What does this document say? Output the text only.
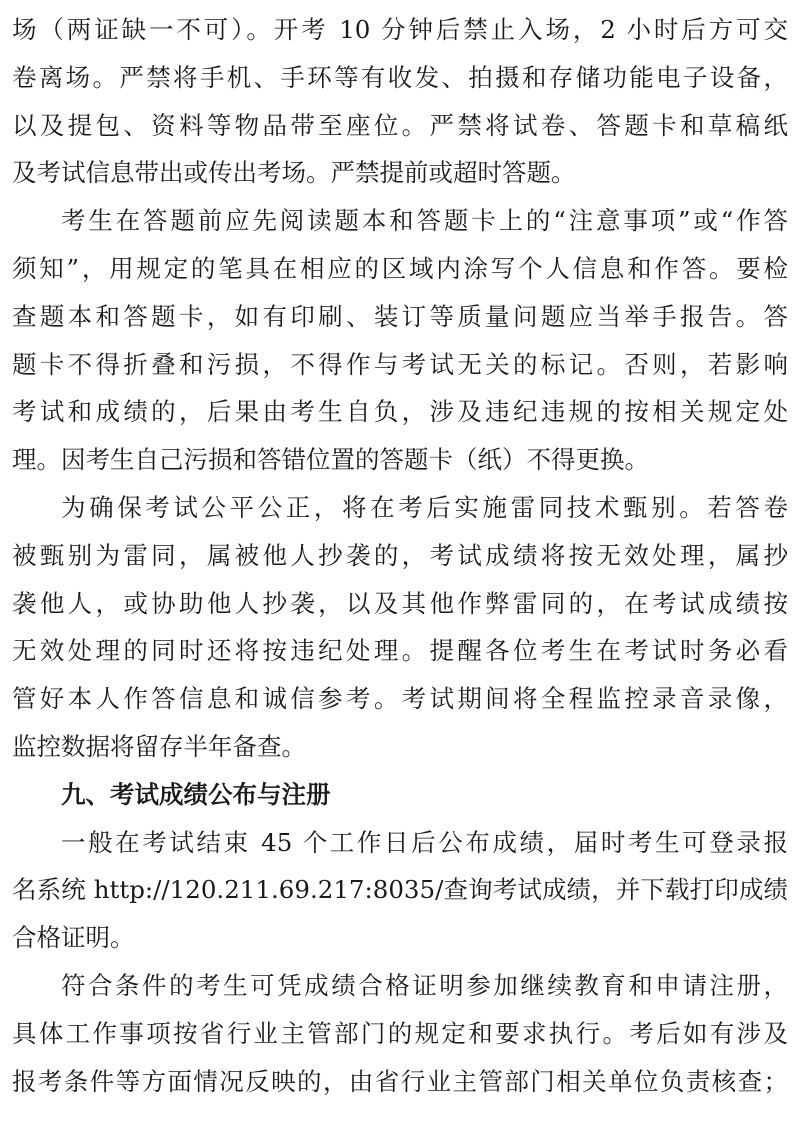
场（两证缺一不可）。开考 10 分钟后禁止入场，2 小时后方可交
卷离场。严禁将手机、手环等有收发、拍摄和存储功能电子设备，
以及提包、资料等物品带至座位。严禁将试卷、答题卡和草稿纸
及考试信息带出或传出考场。严禁提前或超时答题。
考生在答题前应先阅读题本和答题卡上的“注意事项”或“作答
须知”，用规定的笔具在相应的区域内涂写个人信息和作答。要检
查题本和答题卡，如有印刷、装订等质量问题应当举手报告。答
题卡不得折叠和污损，不得作与考试无关的标记。否则，若影响
考试和成绩的，后果由考生自负，涉及违纪违规的按相关规定处
理。因考生自己污损和答错位置的答题卡（纸）不得更换。
为确保考试公平公正，将在考后实施雷同技术甄别。若答卷
被甄别为雷同，属被他人抄袭的，考试成绩将按无效处理，属抄
袭他人，或协助他人抄袭，以及其他作弊雷同的，在考试成绩按
无效处理的同时还将按违纪处理。提醒各位考生在考试时务必看
管好本人作答信息和诚信参考。考试期间将全程监控录音录像，
监控数据将留存半年备查。
九、考试成绩公布与注册
一般在考试结束 45 个工作日后公布成绩，届时考生可登录报
名系统 http://120.211.69.217:8035/查询考试成绩，并下载打印成绩
合格证明。
符合条件的考生可凭成绩合格证明参加继续教育和申请注册，
具体工作事项按省行业主管部门的规定和要求执行。考后如有涉及
报考条件等方面情况反映的，由省行业主管部门相关单位负责核查；
